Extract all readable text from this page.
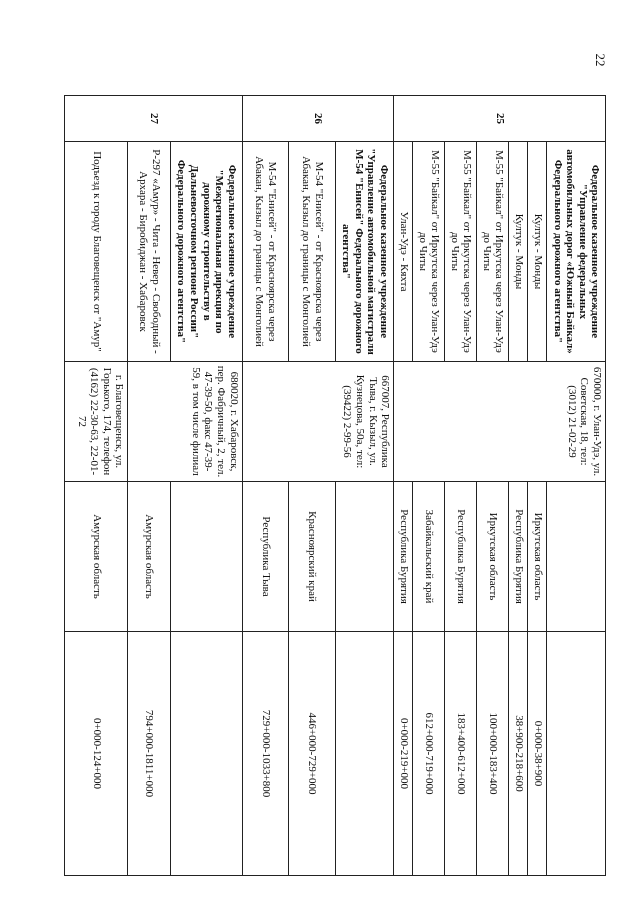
22
25	Федеральное казенное учреждение "Управление федеральных автомобильных дорог «Южный Байкал» Федерального дорожного агентства"	670000, г. Улан-Удэ, ул. Советская, 18, тел: (3012) 21-02-29		
	Култук - Монды		Иркутская область	0+000-38+900
	Култук - Монды		Республика Бурятия	38+900-218+600
	М-55 "Байкал" от Иркутска через Улан-Удэ до Читы		Иркутская область	100+000-183+400
	М-55 "Байкал" от Иркутска через Улан-Удэ до Читы		Республика Бурятия	183+400-612+000
	М-55 "Байкал" от Иркутска через Улан-Удэ до Читы		Забайкальский край	612+000-719+000
	Улан-Удэ - Кяхта		Республика Бурятия	0+000-219+000
26	Федеральное казенное учреждение "Управление автомобильной магистрали М-54 "Енисей" Федерального дорожного агентства"	667007, Республика Тыва, г. Кызыл, ул. Кузнецова, 50а, тел: (39422) 2-99-56		
	М-54 "Енисей" - от Красноярска через Абакан, Кызыл до границы с Монголией		Красноярский край	446+000-729+000
	М-54 "Енисей" - от Красноярска через Абакан, Кызыл до границы с Монголией		Республика Тыва	729+000-1033+800
27	Федеральное казенное учреждение "Межрегиональная дирекция по дорожному строительству в Дальневосточном регионе России" Федерального дорожного агентства"	680020, г. Хабаровск, пер. Фабричный, 2, тел. 47-39-50, факс 47-39-59, в том числе филиал		
	Р-297 «Амур» - Чита - Невер - Свободный - Архара - Биробиджан - Хабаровск		Амурская область	794+000-1811+000
	Подъезд к городу Благовещенск от "Амур"	г. Благовещенск, ул. Горького, 174, телефон (4162) 22-30-63, 22-01-72	Амурская область	0+000-124+000
